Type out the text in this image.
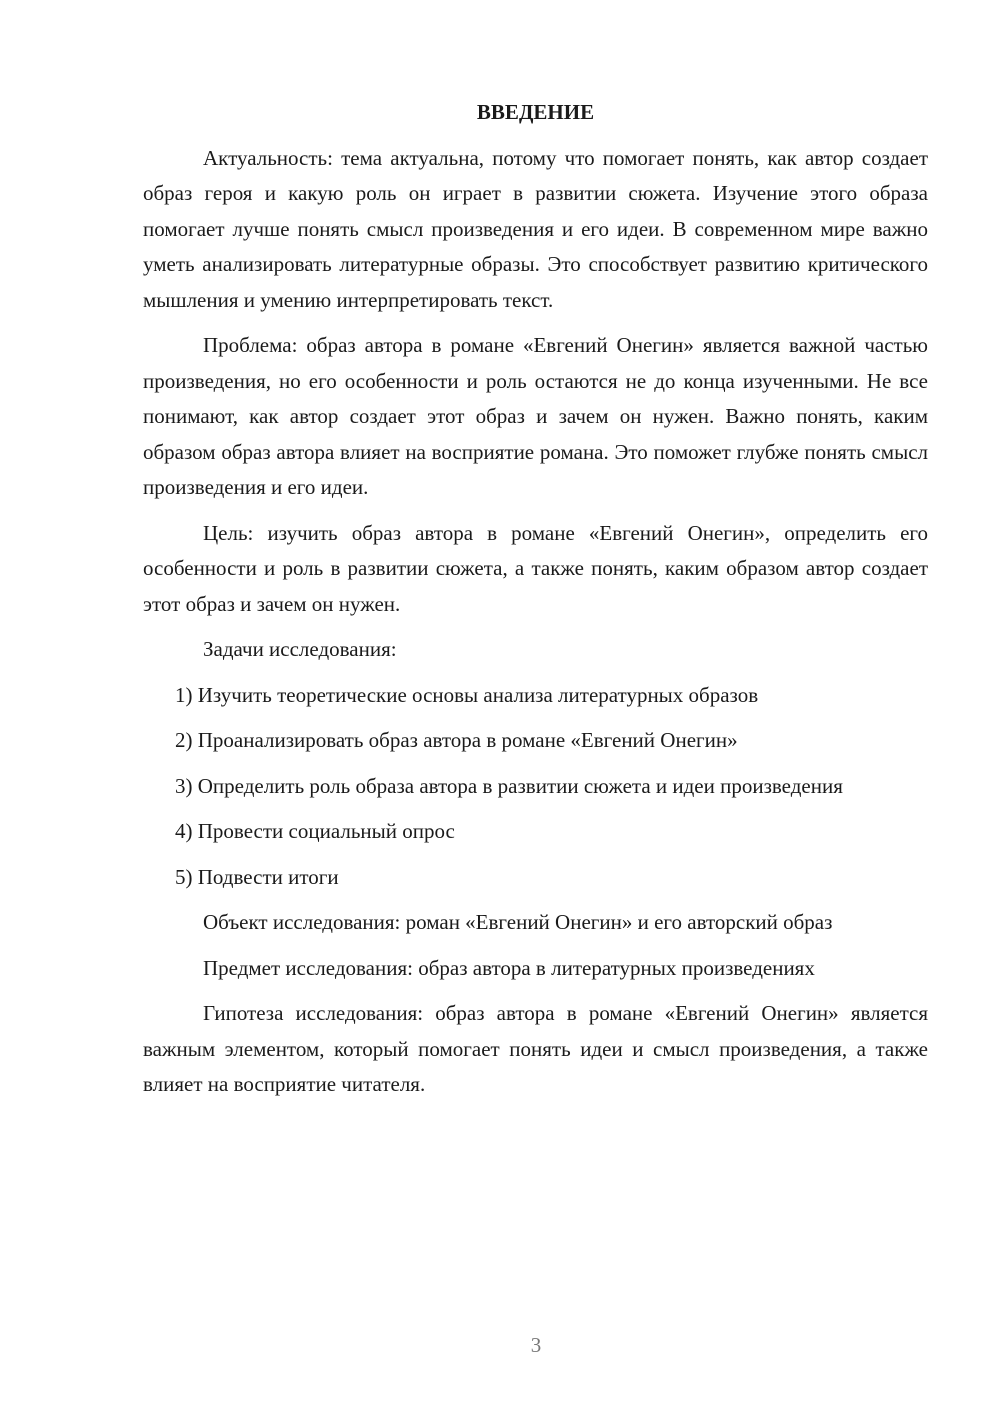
ВВЕДЕНИЕ

Актуальность: тема актуальна, потому что помогает понять, как автор создает образ героя и какую роль он играет в развитии сюжета. Изучение этого образа помогает лучше понять смысл произведения и его идеи. В современном мире важно уметь анализировать литературные образы. Это способствует развитию критического мышления и умению интерпретировать текст.

Проблема: образ автора в романе «Евгений Онегин» является важной частью произведения, но его особенности и роль остаются не до конца изученными. Не все понимают, как автор создает этот образ и зачем он нужен. Важно понять, каким образом образ автора влияет на восприятие романа. Это поможет глубже понять смысл произведения и его идеи.

Цель: изучить образ автора в романе «Евгений Онегин», определить его особенности и роль в развитии сюжета, а также понять, каким образом автор создает этот образ и зачем он нужен.

Задачи исследования:

1) Изучить теоретические основы анализа литературных образов

2) Проанализировать образ автора в романе «Евгений Онегин»

3) Определить роль образа автора в развитии сюжета и идеи произведения

4) Провести социальный опрос

5) Подвести итоги

Объект исследования: роман «Евгений Онегин» и его авторский образ

Предмет исследования: образ автора в литературных произведениях

Гипотеза исследования: образ автора в романе «Евгений Онегин» является важным элементом, который помогает понять идеи и смысл произведения, а также влияет на восприятие читателя.

3
